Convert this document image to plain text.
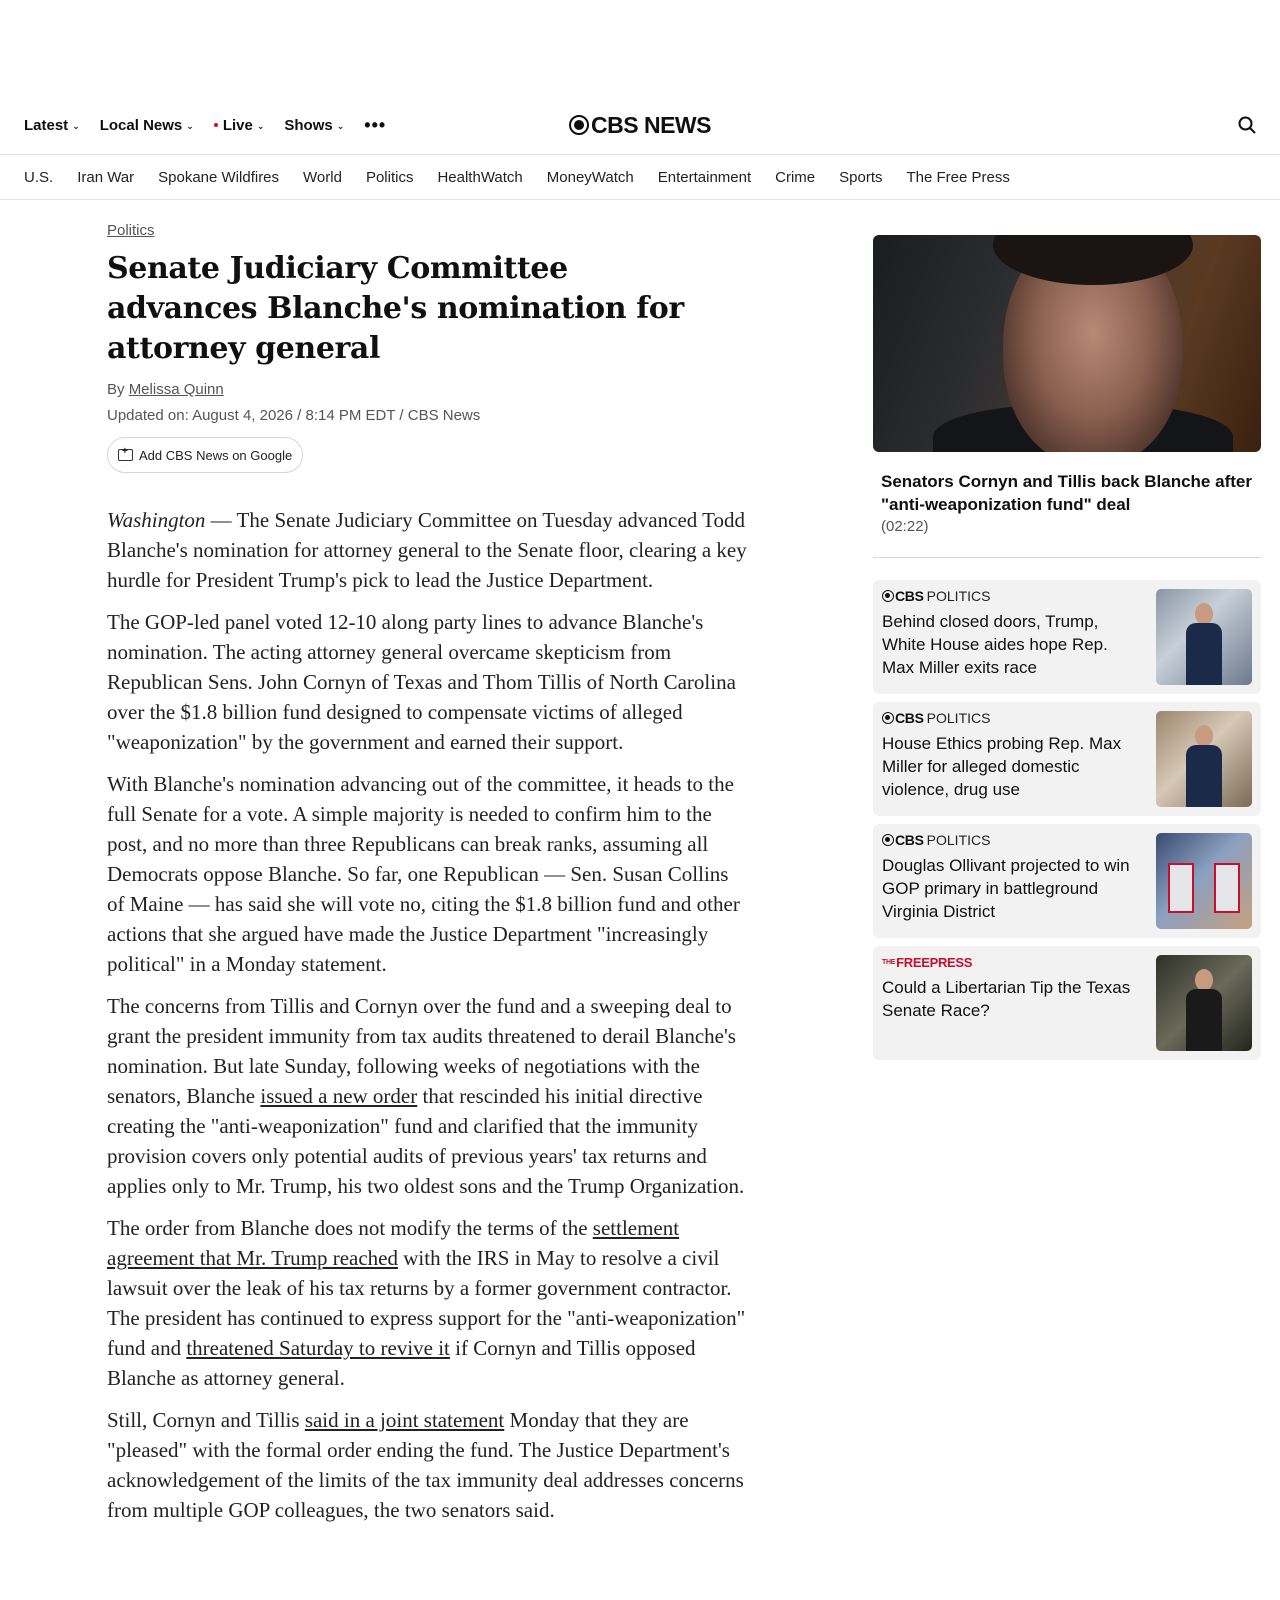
Latest ⌄ Local News ⌄ Live ⌄ Shows ⌄ •••	CBS NEWS
U.S. Iran War Spokane Wildfires World Politics HealthWatch MoneyWatch Entertainment Crime Sports The Free Press
Politics
Senate Judiciary Committee advances Blanche's nomination for attorney general
By Melissa Quinn
Updated on: August 4, 2026 / 8:14 PM EDT / CBS News
+
Add CBS News on Google

Washington — The Senate Judiciary Committee on Tuesday advanced Todd Blanche's nomination for attorney general to the Senate floor, clearing a key hurdle for President Trump's pick to lead the Justice Department.

The GOP-led panel voted 12-10 along party lines to advance Blanche's nomination. The acting attorney general overcame skepticism from Republican Sens. John Cornyn of Texas and Thom Tillis of North Carolina over the $1.8 billion fund designed to compensate victims of alleged "weaponization" by the government and earned their support.

With Blanche's nomination advancing out of the committee, it heads to the full Senate for a vote. A simple majority is needed to confirm him to the post, and no more than three Republicans can break ranks, assuming all Democrats oppose Blanche. So far, one Republican — Sen. Susan Collins of Maine — has said she will vote no, citing the $1.8 billion fund and other actions that she argued have made the Justice Department "increasingly political" in a Monday statement.

The concerns from Tillis and Cornyn over the fund and a sweeping deal to grant the president immunity from tax audits threatened to derail Blanche's nomination. But late Sunday, following weeks of negotiations with the senators, Blanche issued a new order that rescinded his initial directive creating the "anti-weaponization" fund and clarified that the immunity provision covers only potential audits of previous years' tax returns and applies only to Mr. Trump, his two oldest sons and the Trump Organization.

The order from Blanche does not modify the terms of the settlement agreement that Mr. Trump reached with the IRS in May to resolve a civil lawsuit over the leak of his tax returns by a former government contractor. The president has continued to express support for the "anti-weaponization" fund and threatened Saturday to revive it if Cornyn and Tillis opposed Blanche as attorney general.

Still, Cornyn and Tillis said in a joint statement Monday that they are "pleased" with the formal order ending the fund. The Justice Department's acknowledgement of the limits of the tax immunity deal addresses concerns from multiple GOP colleagues, the two senators said.

Senators Cornyn and Tillis back Blanche after "anti-weaponization fund" deal
(02:22)
CBS POLITICS
Behind closed doors, Trump, White House aides hope Rep. Max Miller exits race
CBS POLITICS
House Ethics probing Rep. Max Miller for alleged domestic violence, drug use
CBS POLITICS
Douglas Ollivant projected to win GOP primary in battleground Virginia District
THE FREEPRESS
Could a Libertarian Tip the Texas Senate Race?
